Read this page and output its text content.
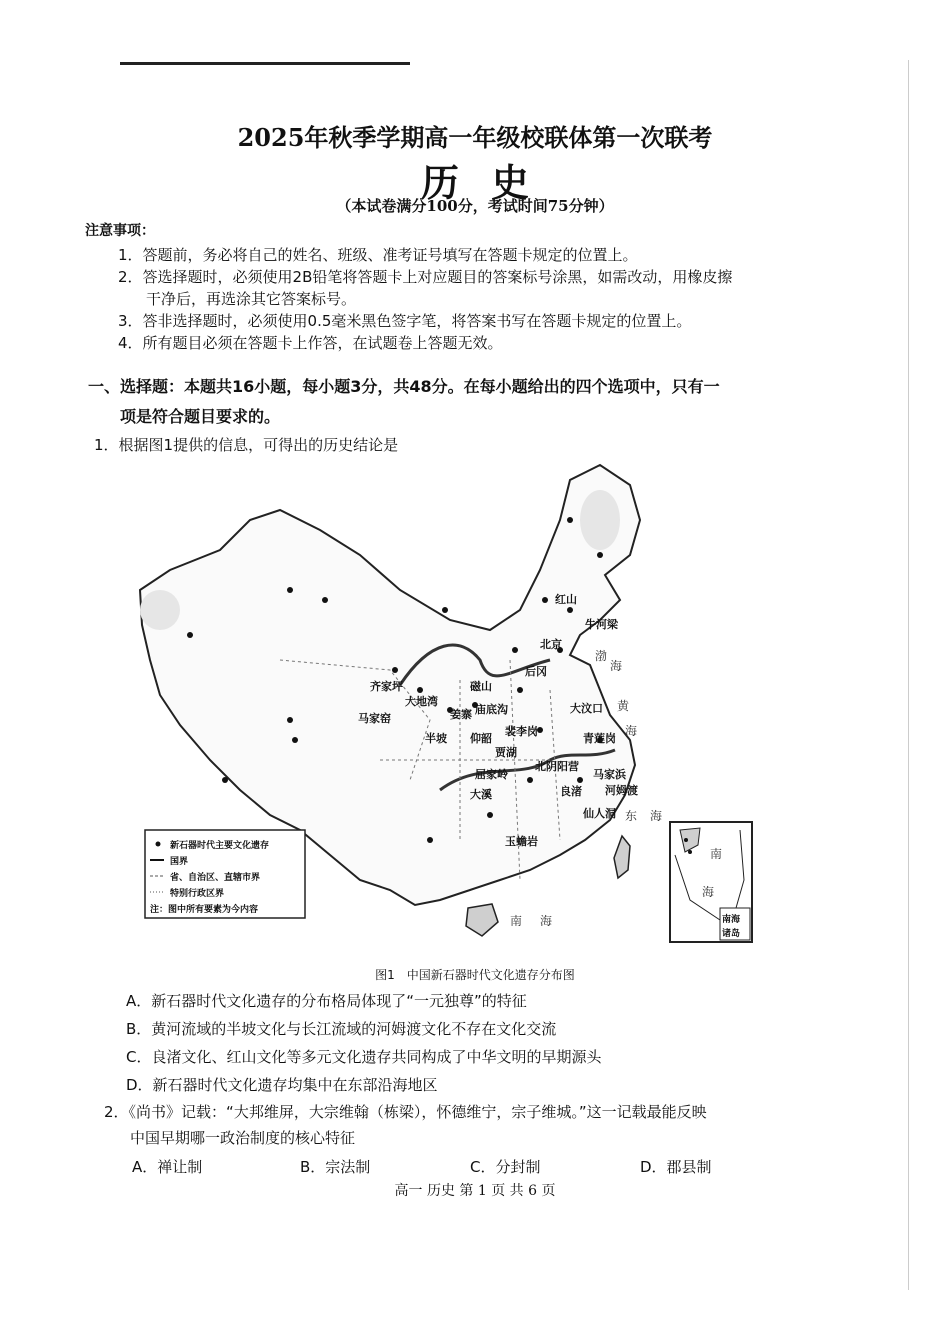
2025年秋季学期高一年级校联体第一次联考
历史
（本试卷满分100分，考试时间75分钟）
注意事项：
1．答题前，务必将自己的姓名、班级、准考证号填写在答题卡规定的位置上。
2．答选择题时，必须使用2B铅笔将答题卡上对应题目的答案标号涂黑，如需改动，用橡皮擦
干净后，再选涂其它答案标号。
3．答非选择题时，必须使用0.5毫米黑色签字笔，将答案书写在答题卡规定的位置上。
4．所有题目必须在答题卡上作答，在试题卷上答题无效。
一、选择题：本题共16小题，每小题3分，共48分。在每小题给出的四个选项中，只有一
项是符合题目要求的。
1．根据图1提供的信息，可得出的历史结论是
红山
牛河梁
北京
齐家坪
大地湾
马家窑
磁山
裴李岗
姜寨
半坡 仰韶
庙底沟
贾湖
大汶口
青莲岗
屈家岭
北阴阳营
大溪	良渚
马家浜
河姆渡
仙人洞
玉蟾岩
后冈
渤
海
黄
海
东 海
南 海
新石器时代主要文化遗存
国界
省、自治区、直辖市界
特别行政区界
注：图中所有要素为今内容
南
海
南海
诸岛
图1　中国新石器时代文化遗存分布图
A．新石器时代文化遗存的分布格局体现了“一元独尊”的特征
B．黄河流域的半坡文化与长江流域的河姆渡文化不存在文化交流
C．良渚文化、红山文化等多元文化遗存共同构成了中华文明的早期源头
D．新石器时代文化遗存均集中在东部沿海地区
2．《尚书》记载：“大邦维屏，大宗维翰（栋梁），怀德维宁，宗子维城。”这一记载最能反映
中国早期哪一政治制度的核心特征
A．禅让制	B．宗法制	C．分封制	D．郡县制
高一 历史 第 1 页 共 6 页
